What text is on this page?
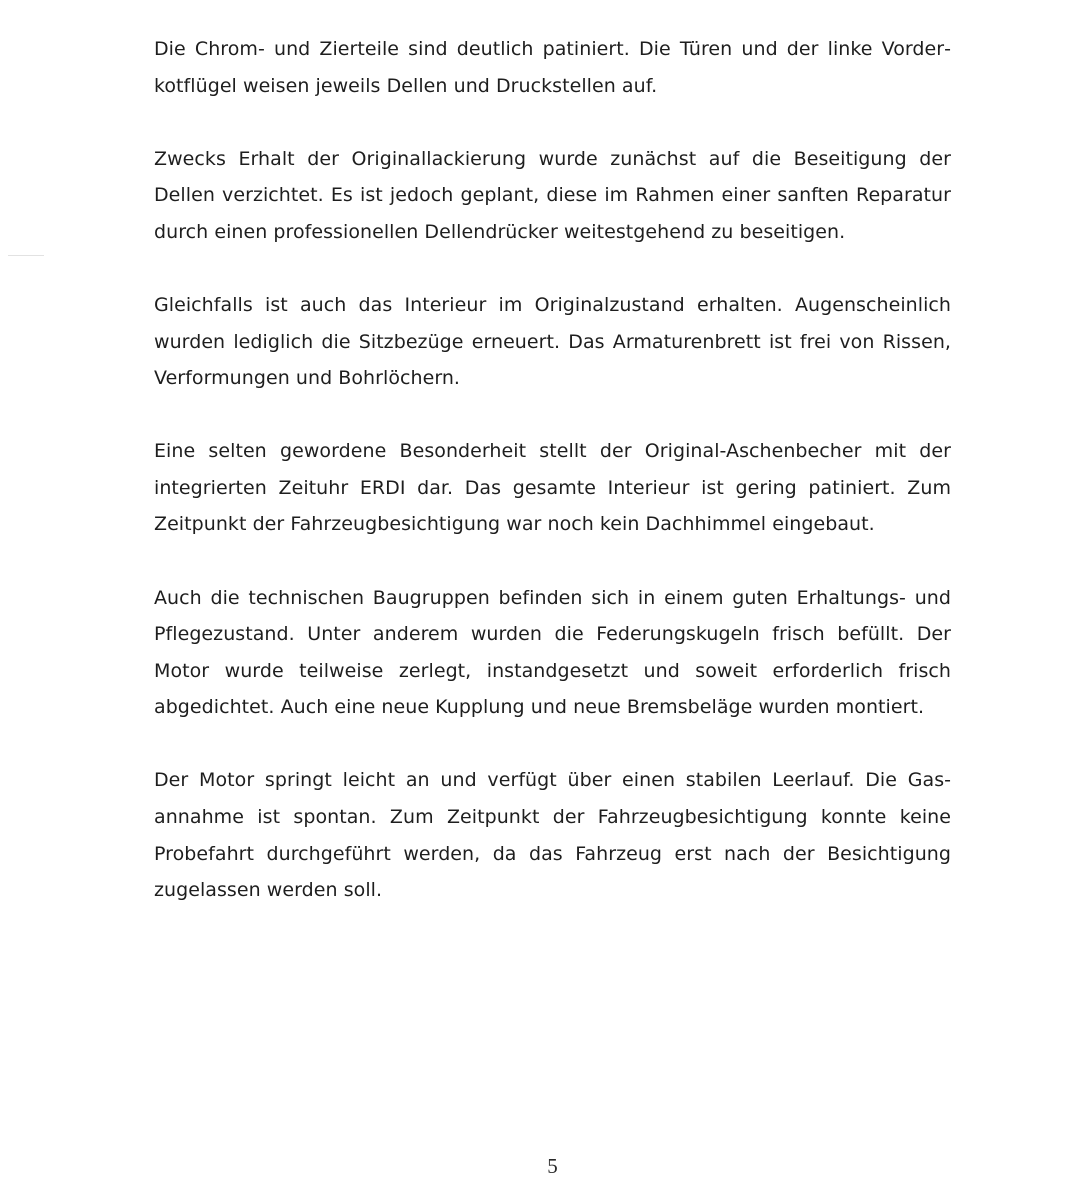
Die Chrom- und Zierteile sind deutlich patiniert. Die Türen und der linke Vorderkotflügel weisen jeweils Dellen und Druckstellen auf.

Zwecks Erhalt der Originallackierung wurde zunächst auf die Beseitigung der Dellen verzichtet. Es ist jedoch geplant, diese im Rahmen einer sanften Reparatur durch einen professionellen Dellendrücker weitestgehend zu beseitigen.

Gleichfalls ist auch das Interieur im Originalzustand erhalten. Augenscheinlich wurden lediglich die Sitzbezüge erneuert. Das Armaturenbrett ist frei von Rissen, Verformungen und Bohrlöchern.

Eine selten gewordene Besonderheit stellt der Original-Aschenbecher mit der integrierten Zeituhr ERDI dar. Das gesamte Interieur ist gering patiniert. Zum Zeitpunkt der Fahrzeugbesichtigung war noch kein Dachhimmel eingebaut.

Auch die technischen Baugruppen befinden sich in einem guten Erhaltungs- und Pflegezustand. Unter anderem wurden die Federungskugeln frisch befüllt. Der Motor wurde teilweise zerlegt, instandgesetzt und soweit erforderlich frisch abgedichtet. Auch eine neue Kupplung und neue Bremsbeläge wurden montiert.

Der Motor springt leicht an und verfügt über einen stabilen Leerlauf. Die Gasannahme ist spontan. Zum Zeitpunkt der Fahrzeugbesichtigung konnte keine Probefahrt durchgeführt werden, da das Fahrzeug erst nach der Besichtigung zugelassen werden soll.

5
